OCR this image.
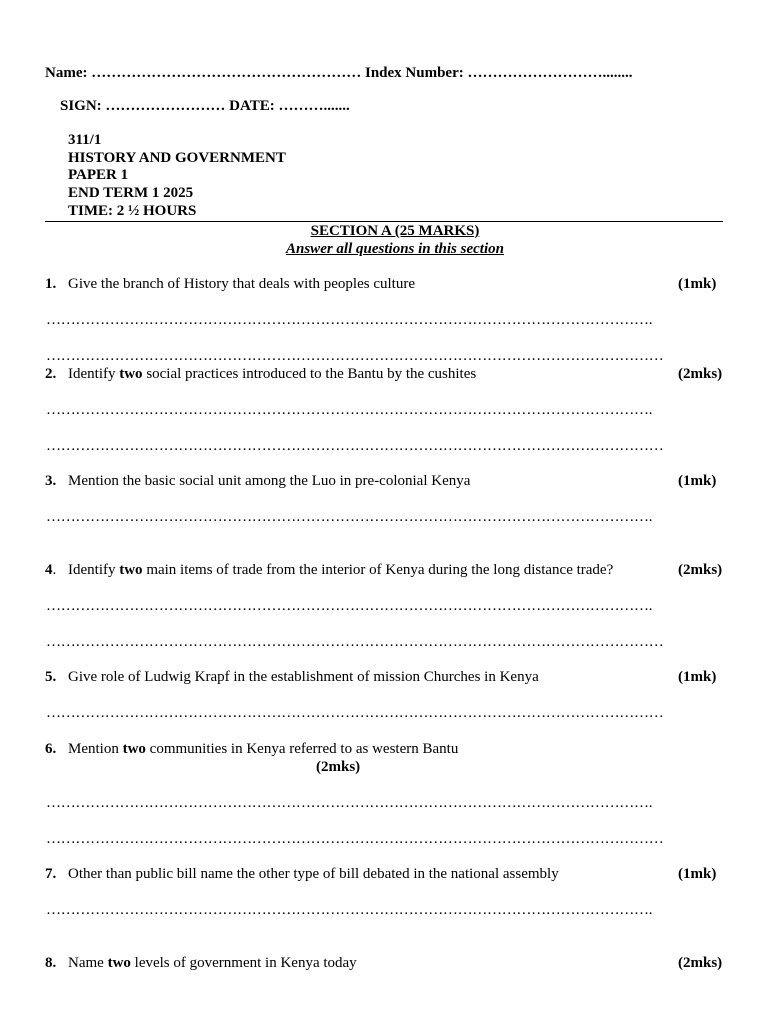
Name: ……………………………………………… Index Number: ………………………........
SIGN: …………………… DATE: ……….......
311/1
HISTORY AND GOVERNMENT
PAPER 1
END TERM 1 2025
TIME: 2 ½ HOURS
SECTION A (25 MARKS)
Answer all questions in this section
1. Give the branch of History that deals with peoples culture	(1mk)
…………………………………………………………………………………………………………….
………………………………………………………………………………………………………………
2. Identify two social practices introduced to the Bantu by the cushites	(2mks)
…………………………………………………………………………………………………………….
………………………………………………………………………………………………………………
3. Mention the basic social unit among the Luo in pre-colonial Kenya	(1mk)
…………………………………………………………………………………………………………….
4. Identify two main items of trade from the interior of Kenya during the long distance trade?	(2mks)
…………………………………………………………………………………………………………….
………………………………………………………………………………………………………………
5. Give role of Ludwig Krapf in the establishment of mission Churches in Kenya	(1mk)
………………………………………………………………………………………………………………
6. Mention two communities in Kenya referred to as western Bantu
(2mks)
…………………………………………………………………………………………………………….
………………………………………………………………………………………………………………
7. Other than public bill name the other type of bill debated in the national assembly	(1mk)
…………………………………………………………………………………………………………….
8. Name two levels of government in Kenya today	(2mks)
